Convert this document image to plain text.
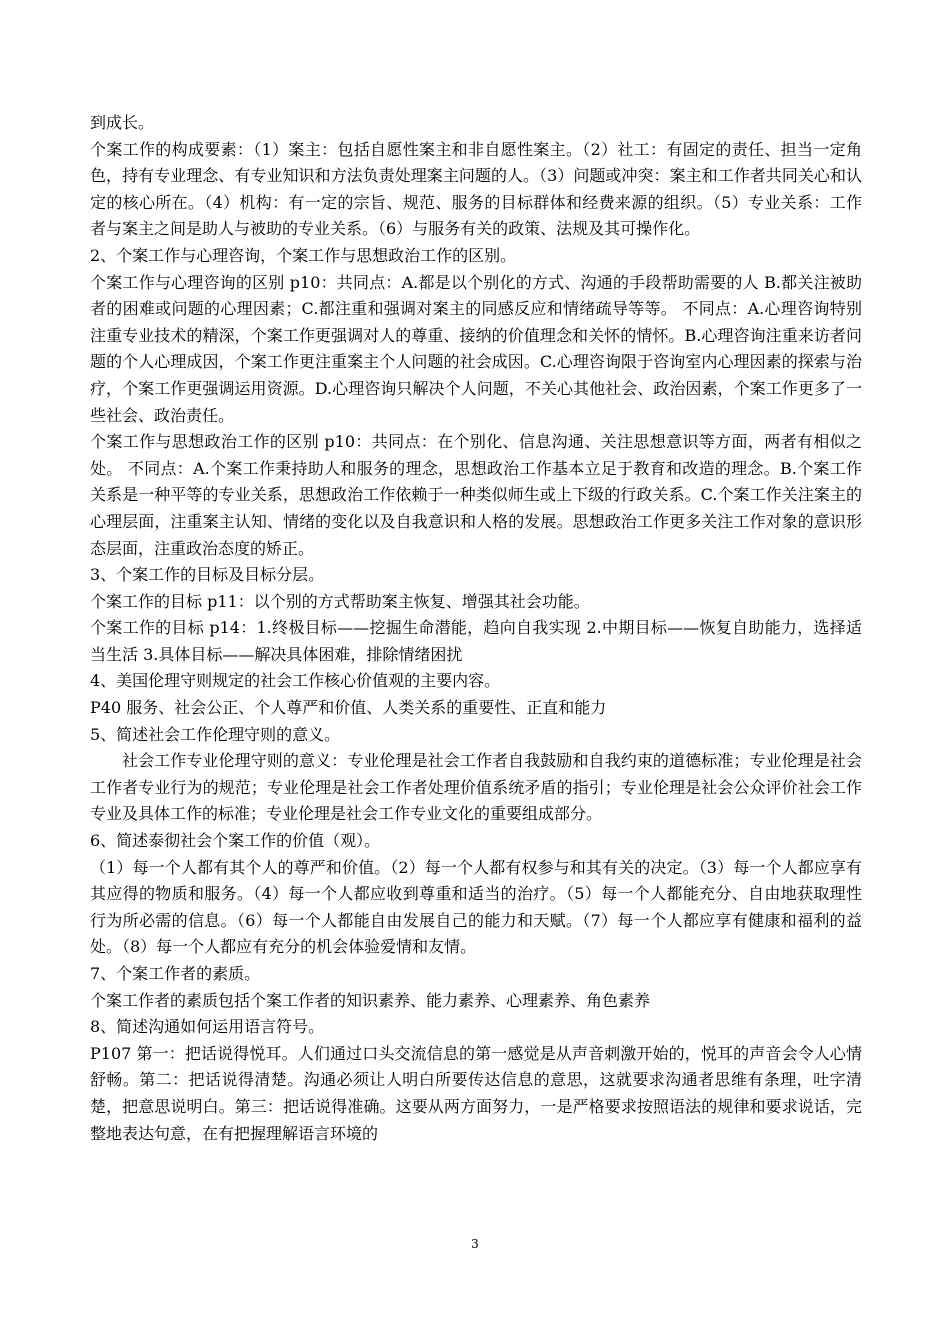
到成长。

个案工作的构成要素：（1）案主：包括自愿性案主和非自愿性案主。（2）社工：有固定的责任、担当一定角色，持有专业理念、有专业知识和方法负责处理案主问题的人。（3）问题或冲突：案主和工作者共同关心和认定的核心所在。（4）机构：有一定的宗旨、规范、服务的目标群体和经费来源的组织。（5）专业关系：工作者与案主之间是助人与被助的专业关系。（6）与服务有关的政策、法规及其可操作化。

2、个案工作与心理咨询，个案工作与思想政治工作的区别。

个案工作与心理咨询的区别 p10：共同点：A.都是以个别化的方式、沟通的手段帮助需要的人 B.都关注被助者的困难或问题的心理因素；C.都注重和强调对案主的同感反应和情绪疏导等等。 不同点：A.心理咨询特别注重专业技术的精深，个案工作更强调对人的尊重、接纳的价值理念和关怀的情怀。B.心理咨询注重来访者问题的个人心理成因，个案工作更注重案主个人问题的社会成因。C.心理咨询限于咨询室内心理因素的探索与治疗，个案工作更强调运用资源。D.心理咨询只解决个人问题，不关心其他社会、政治因素，个案工作更多了一些社会、政治责任。

个案工作与思想政治工作的区别 p10：共同点：在个别化、信息沟通、关注思想意识等方面，两者有相似之处。 不同点：A.个案工作秉持助人和服务的理念，思想政治工作基本立足于教育和改造的理念。B.个案工作关系是一种平等的专业关系，思想政治工作依赖于一种类似师生或上下级的行政关系。C.个案工作关注案主的心理层面，注重案主认知、情绪的变化以及自我意识和人格的发展。思想政治工作更多关注工作对象的意识形态层面，注重政治态度的矫正。

3、个案工作的目标及目标分层。

个案工作的目标 p11：以个别的方式帮助案主恢复、增强其社会功能。

个案工作的目标 p14：1.终极目标——挖掘生命潜能，趋向自我实现 2.中期目标——恢复自助能力，选择适当生活 3.具体目标——解决具体困难，排除情绪困扰

4、美国伦理守则规定的社会工作核心价值观的主要内容。

P40 服务、社会公正、个人尊严和价值、人类关系的重要性、正直和能力

5、简述社会工作伦理守则的意义。

社会工作专业伦理守则的意义：专业伦理是社会工作者自我鼓励和自我约束的道德标准；专业伦理是社会工作者专业行为的规范；专业伦理是社会工作者处理价值系统矛盾的指引；专业伦理是社会公众评价社会工作专业及具体工作的标准；专业伦理是社会工作专业文化的重要组成部分。

6、简述泰彻社会个案工作的价值（观）。

（1）每一个人都有其个人的尊严和价值。（2）每一个人都有权参与和其有关的决定。（3）每一个人都应享有其应得的物质和服务。（4）每一个人都应收到尊重和适当的治疗。（5）每一个人都能充分、自由地获取理性行为所必需的信息。（6）每一个人都能自由发展自己的能力和天赋。（7）每一个人都应享有健康和福利的益处。（8）每一个人都应有充分的机会体验爱情和友情。

7、个案工作者的素质。

个案工作者的素质包括个案工作者的知识素养、能力素养、心理素养、角色素养

8、简述沟通如何运用语言符号。

P107 第一：把话说得悦耳。人们通过口头交流信息的第一感觉是从声音刺激开始的，悦耳的声音会令人心情舒畅。第二：把话说得清楚。沟通必须让人明白所要传达信息的意思，这就要求沟通者思维有条理，吐字清楚，把意思说明白。第三：把话说得准确。这要从两方面努力，一是严格要求按照语法的规律和要求说话，完整地表达句意，在有把握理解语言环境的

3
